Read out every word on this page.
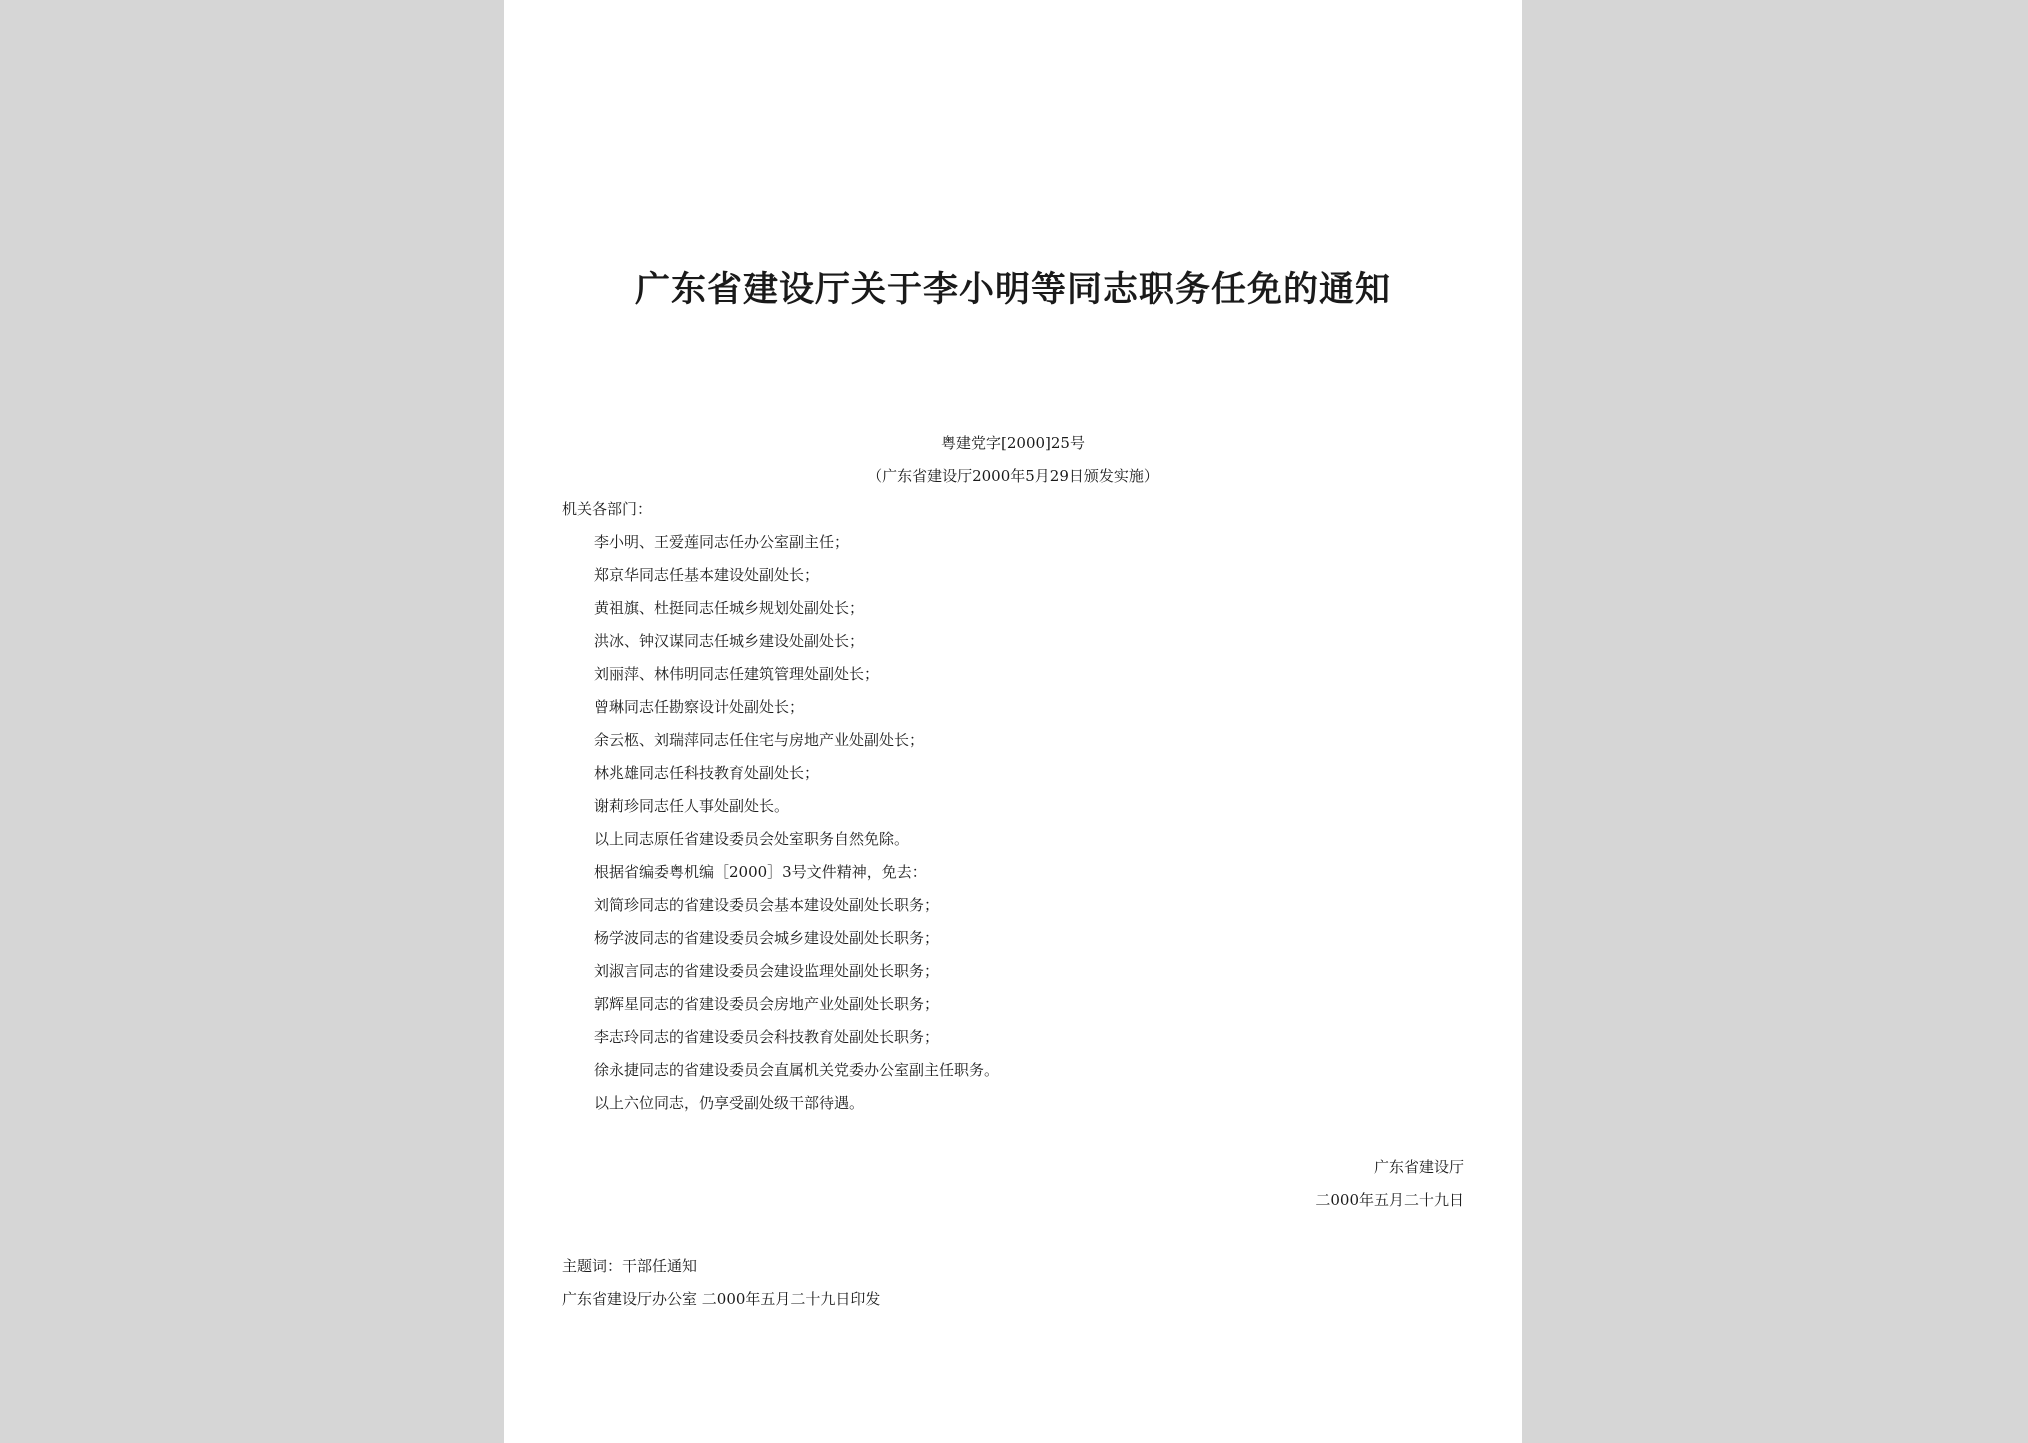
广东省建设厅关于李小明等同志职务任免的通知
粤建党字[2000]25号
（广东省建设厅2000年5月29日颁发实施）
机关各部门：
李小明、王爱莲同志任办公室副主任；
郑京华同志任基本建设处副处长；
黄祖旗、杜挺同志任城乡规划处副处长；
洪冰、钟汉谋同志任城乡建设处副处长；
刘丽萍、林伟明同志任建筑管理处副处长；
曾琳同志任勘察设计处副处长；
余云柩、刘瑞萍同志任住宅与房地产业处副处长；
林兆雄同志任科技教育处副处长；
谢莉珍同志任人事处副处长。
以上同志原任省建设委员会处室职务自然免除。
根据省编委粤机编［2000］3号文件精神，免去：
刘简珍同志的省建设委员会基本建设处副处长职务；
杨学波同志的省建设委员会城乡建设处副处长职务；
刘淑言同志的省建设委员会建设监理处副处长职务；
郭辉星同志的省建设委员会房地产业处副处长职务；
李志玲同志的省建设委员会科技教育处副处长职务；
徐永捷同志的省建设委员会直属机关党委办公室副主任职务。
以上六位同志，仍享受副处级干部待遇。
广东省建设厅
二000年五月二十九日
主题词：干部任通知
广东省建设厅办公室 二000年五月二十九日印发
